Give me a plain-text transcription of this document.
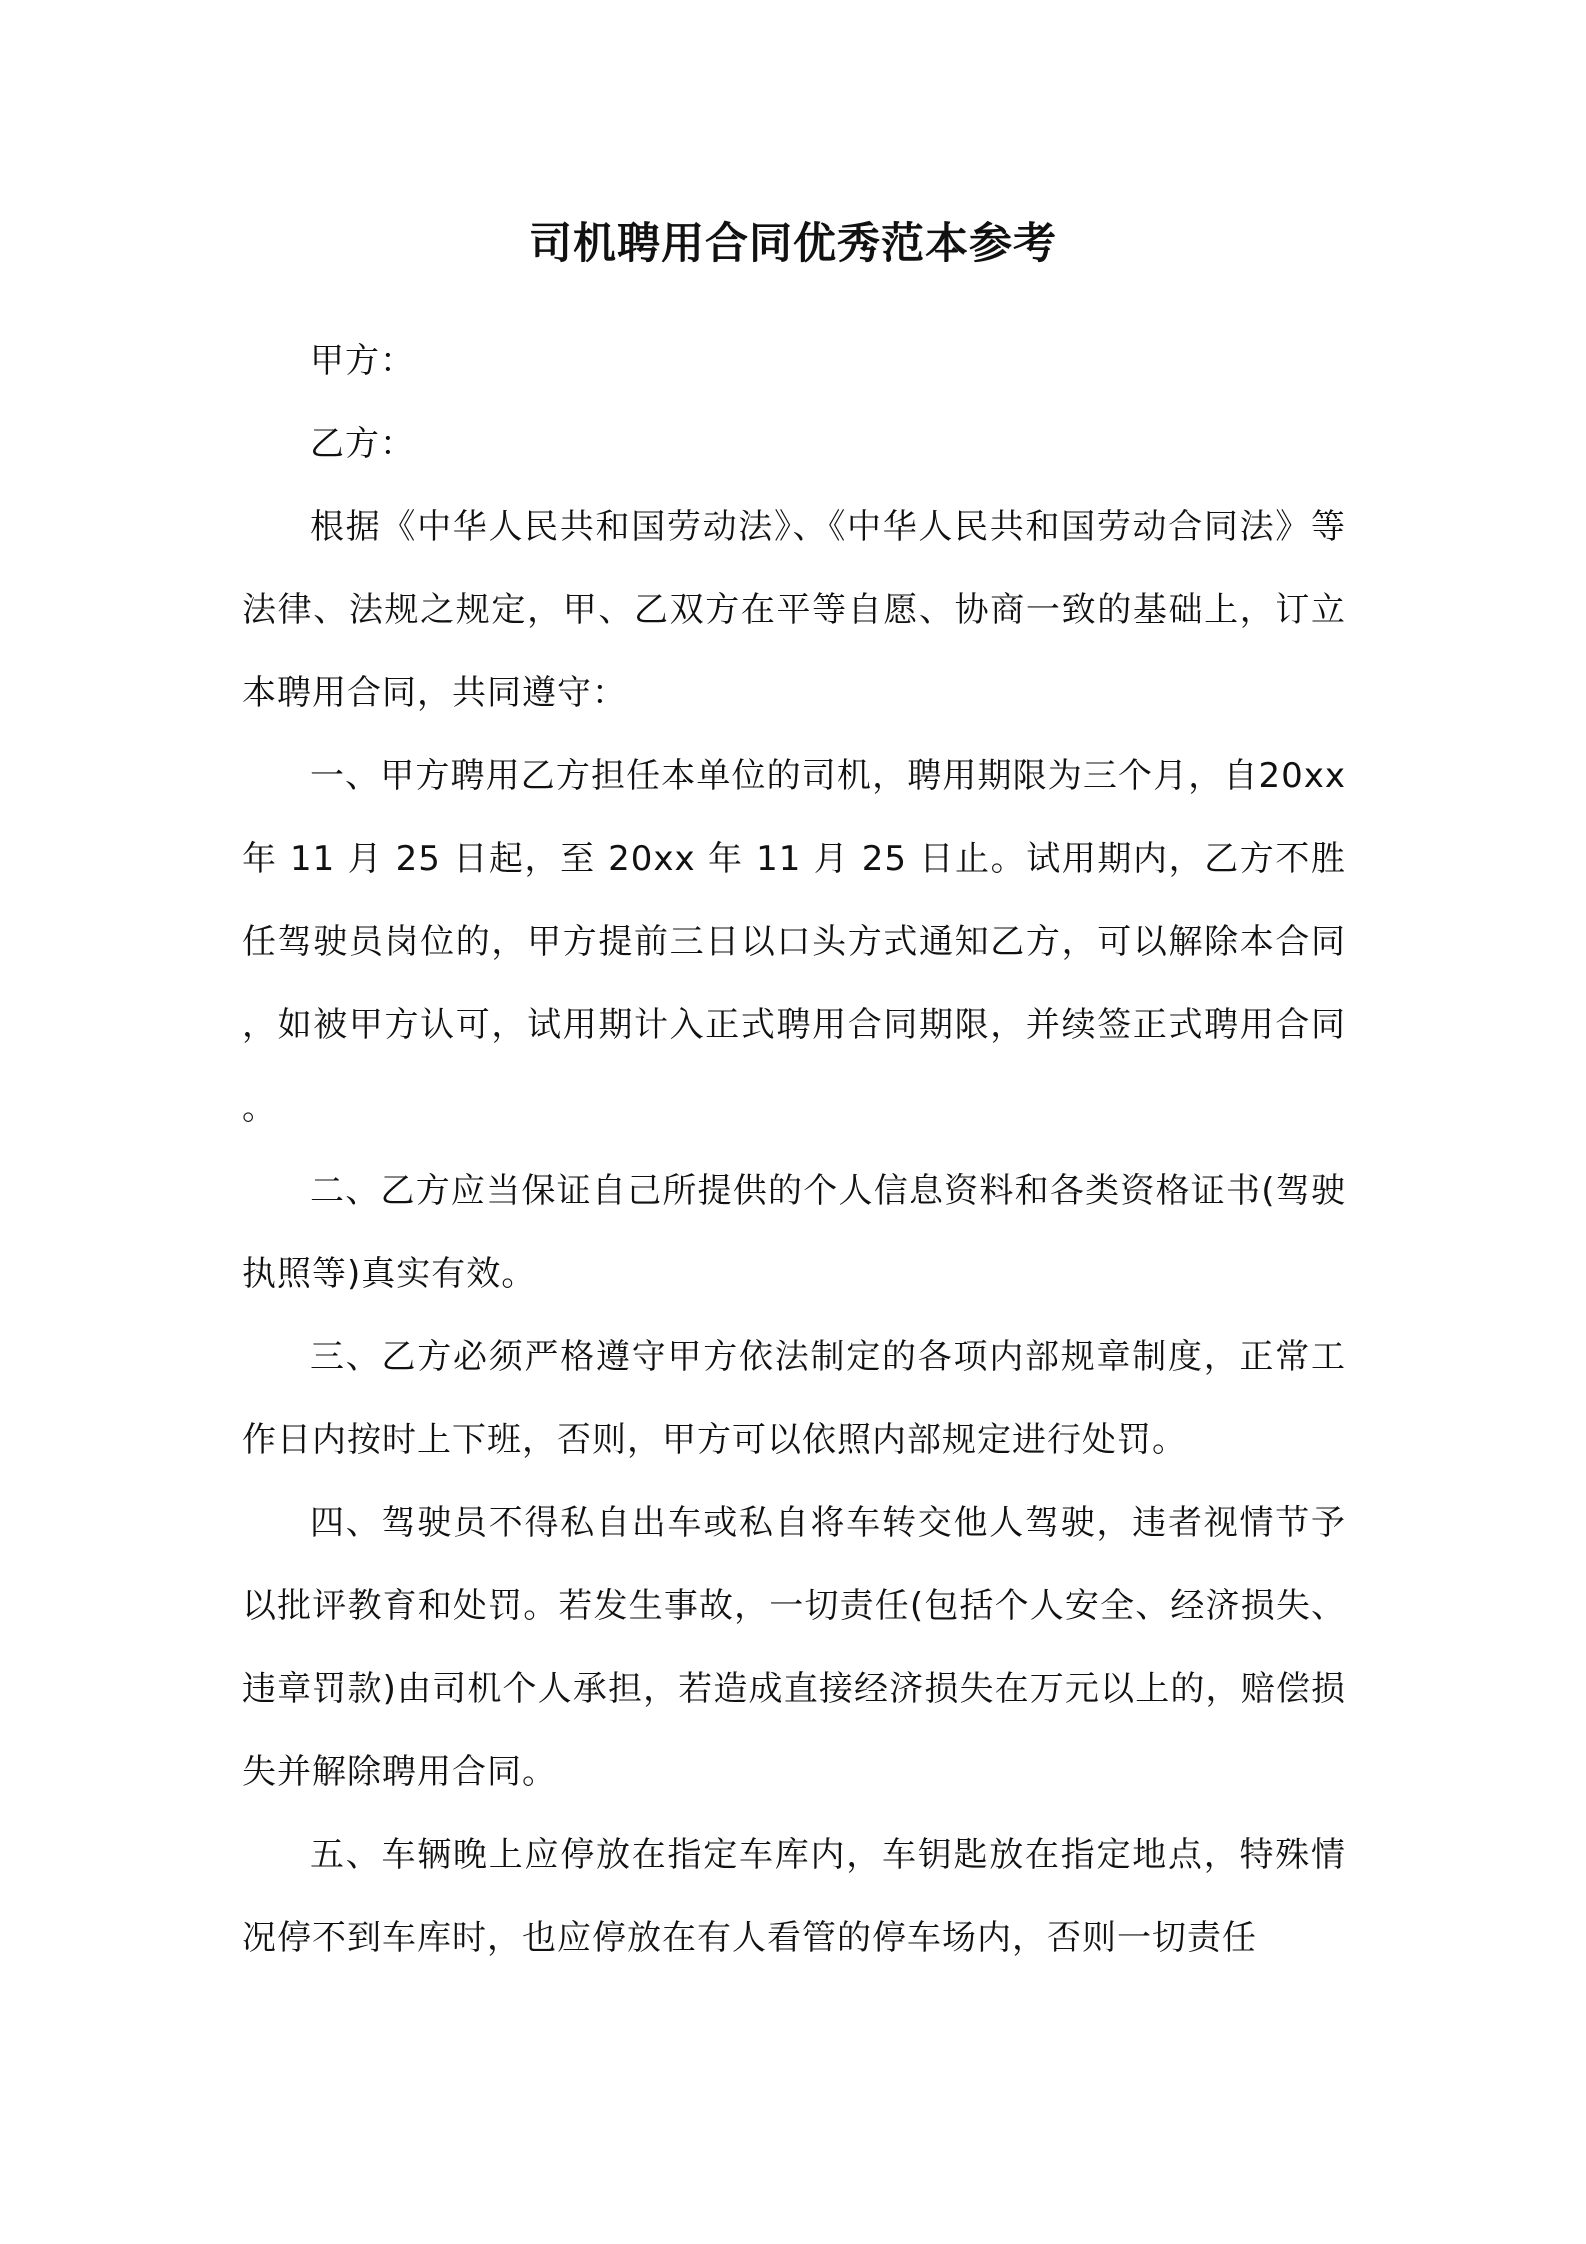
司机聘用合同优秀范本参考

甲方：

乙方：

根据《中华人民共和国劳动法》、《中华人民共和国劳动合同法》等法律、法规之规定，甲、乙双方在平等自愿、协商一致的基础上，订立本聘用合同，共同遵守：

一、甲方聘用乙方担任本单位的司机，聘用期限为三个月，自20xx 年 11 月 25 日起，至 20xx 年 11 月 25 日止。试用期内，乙方不胜任驾驶员岗位的，甲方提前三日以口头方式通知乙方，可以解除本合同，如被甲方认可，试用期计入正式聘用合同期限，并续签正式聘用合同。

二、乙方应当保证自己所提供的个人信息资料和各类资格证书(驾驶执照等)真实有效。

三、乙方必须严格遵守甲方依法制定的各项内部规章制度，正常工作日内按时上下班，否则，甲方可以依照内部规定进行处罚。

四、驾驶员不得私自出车或私自将车转交他人驾驶，违者视情节予以批评教育和处罚。若发生事故，一切责任(包括个人安全、经济损失、违章罚款)由司机个人承担，若造成直接经济损失在万元以上的，赔偿损失并解除聘用合同。

五、车辆晚上应停放在指定车库内，车钥匙放在指定地点，特殊情况停不到车库时，也应停放在有人看管的停车场内，否则一切责任
